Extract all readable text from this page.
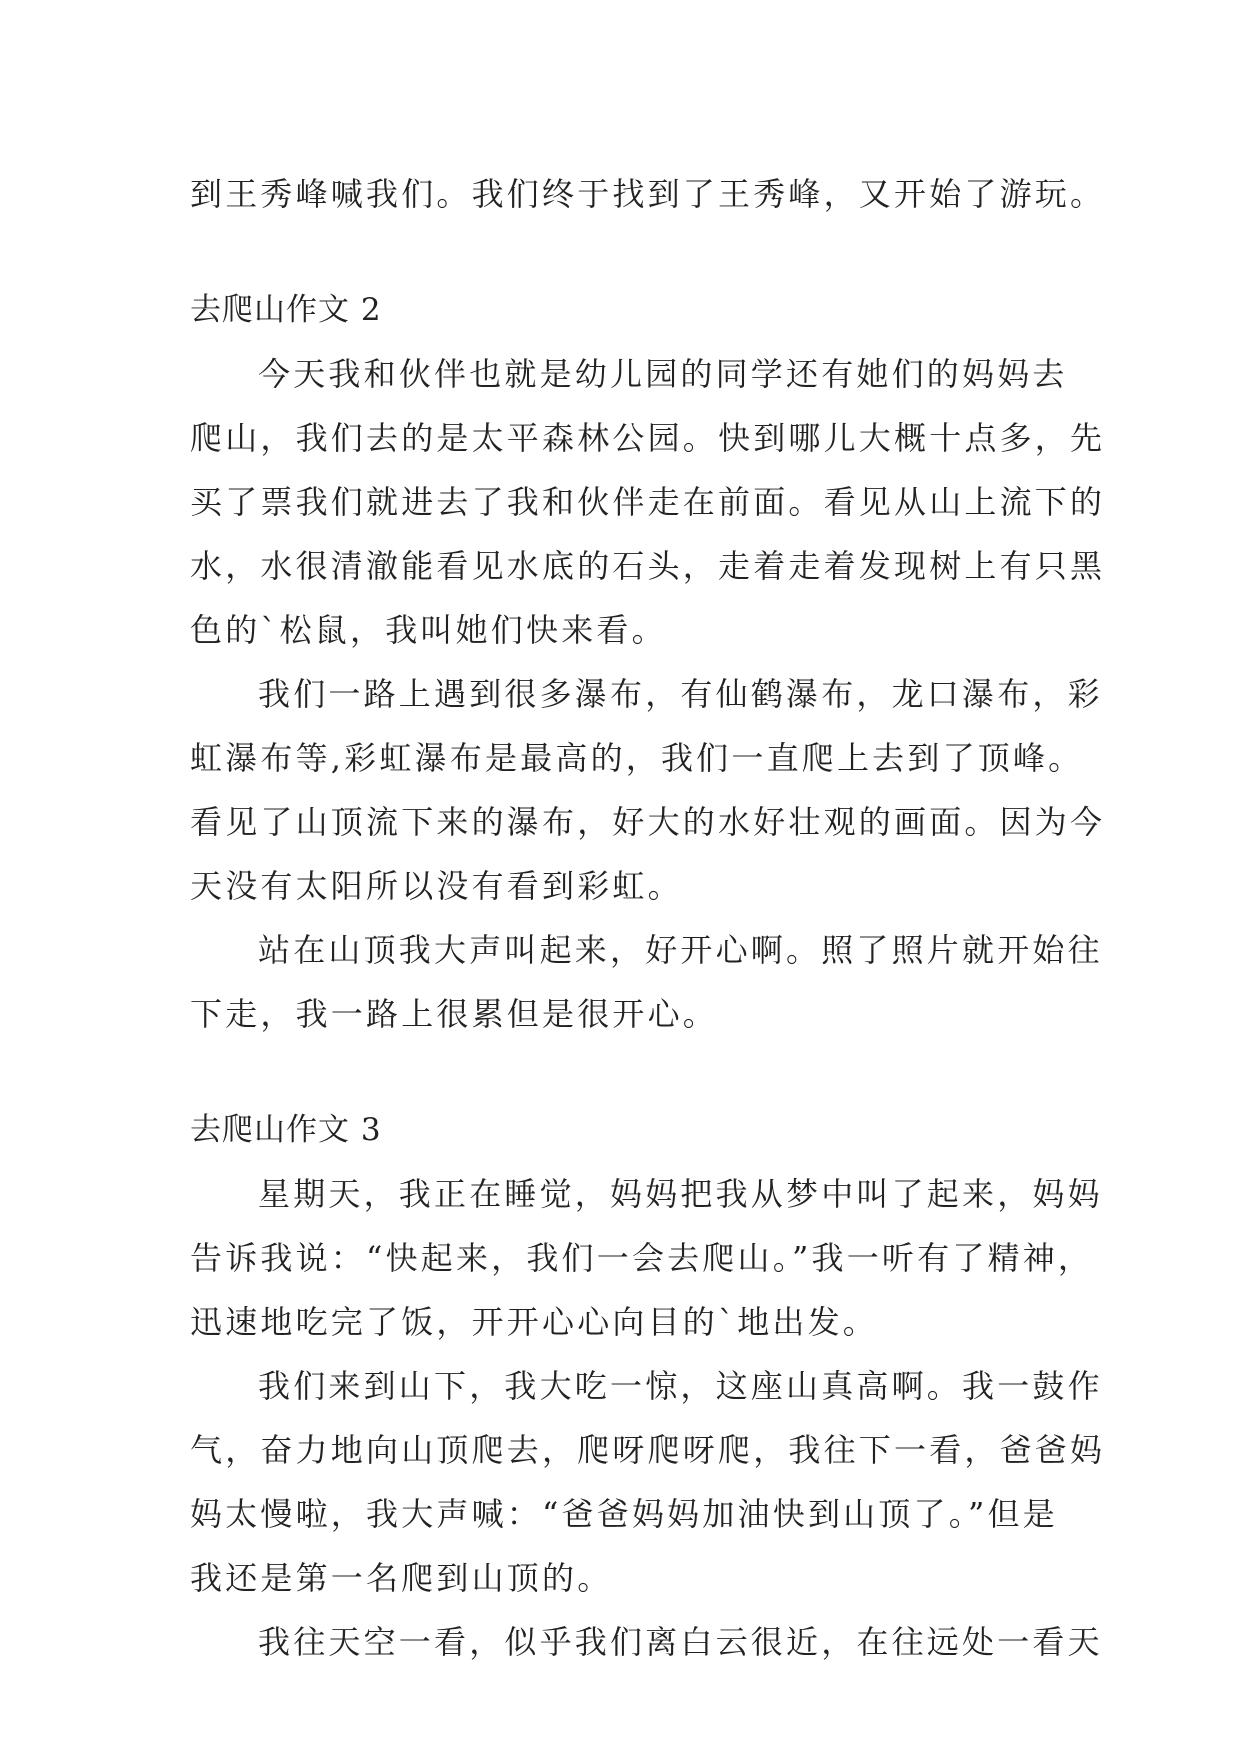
到王秀峰喊我们。我们终于找到了王秀峰，又开始了游玩。
去爬山作文 2
今天我和伙伴也就是幼儿园的同学还有她们的妈妈去
爬山，我们去的是太平森林公园。快到哪儿大概十点多，先
买了票我们就进去了我和伙伴走在前面。看见从山上流下的
水，水很清澈能看见水底的石头，走着走着发现树上有只黑
色的`松鼠，我叫她们快来看。
我们一路上遇到很多瀑布，有仙鹤瀑布，龙口瀑布，彩
虹瀑布等,彩虹瀑布是最高的，我们一直爬上去到了顶峰。
看见了山顶流下来的瀑布，好大的水好壮观的画面。因为今
天没有太阳所以没有看到彩虹。
站在山顶我大声叫起来，好开心啊。照了照片就开始往
下走，我一路上很累但是很开心。
去爬山作文 3
星期天，我正在睡觉，妈妈把我从梦中叫了起来，妈妈
告诉我说：“快起来，我们一会去爬山。”我一听有了精神，
迅速地吃完了饭，开开心心向目的`地出发。
我们来到山下，我大吃一惊，这座山真高啊。我一鼓作
气，奋力地向山顶爬去，爬呀爬呀爬，我往下一看，爸爸妈
妈太慢啦，我大声喊：“爸爸妈妈加油快到山顶了。”但是
我还是第一名爬到山顶的。
我往天空一看，似乎我们离白云很近，在往远处一看天
